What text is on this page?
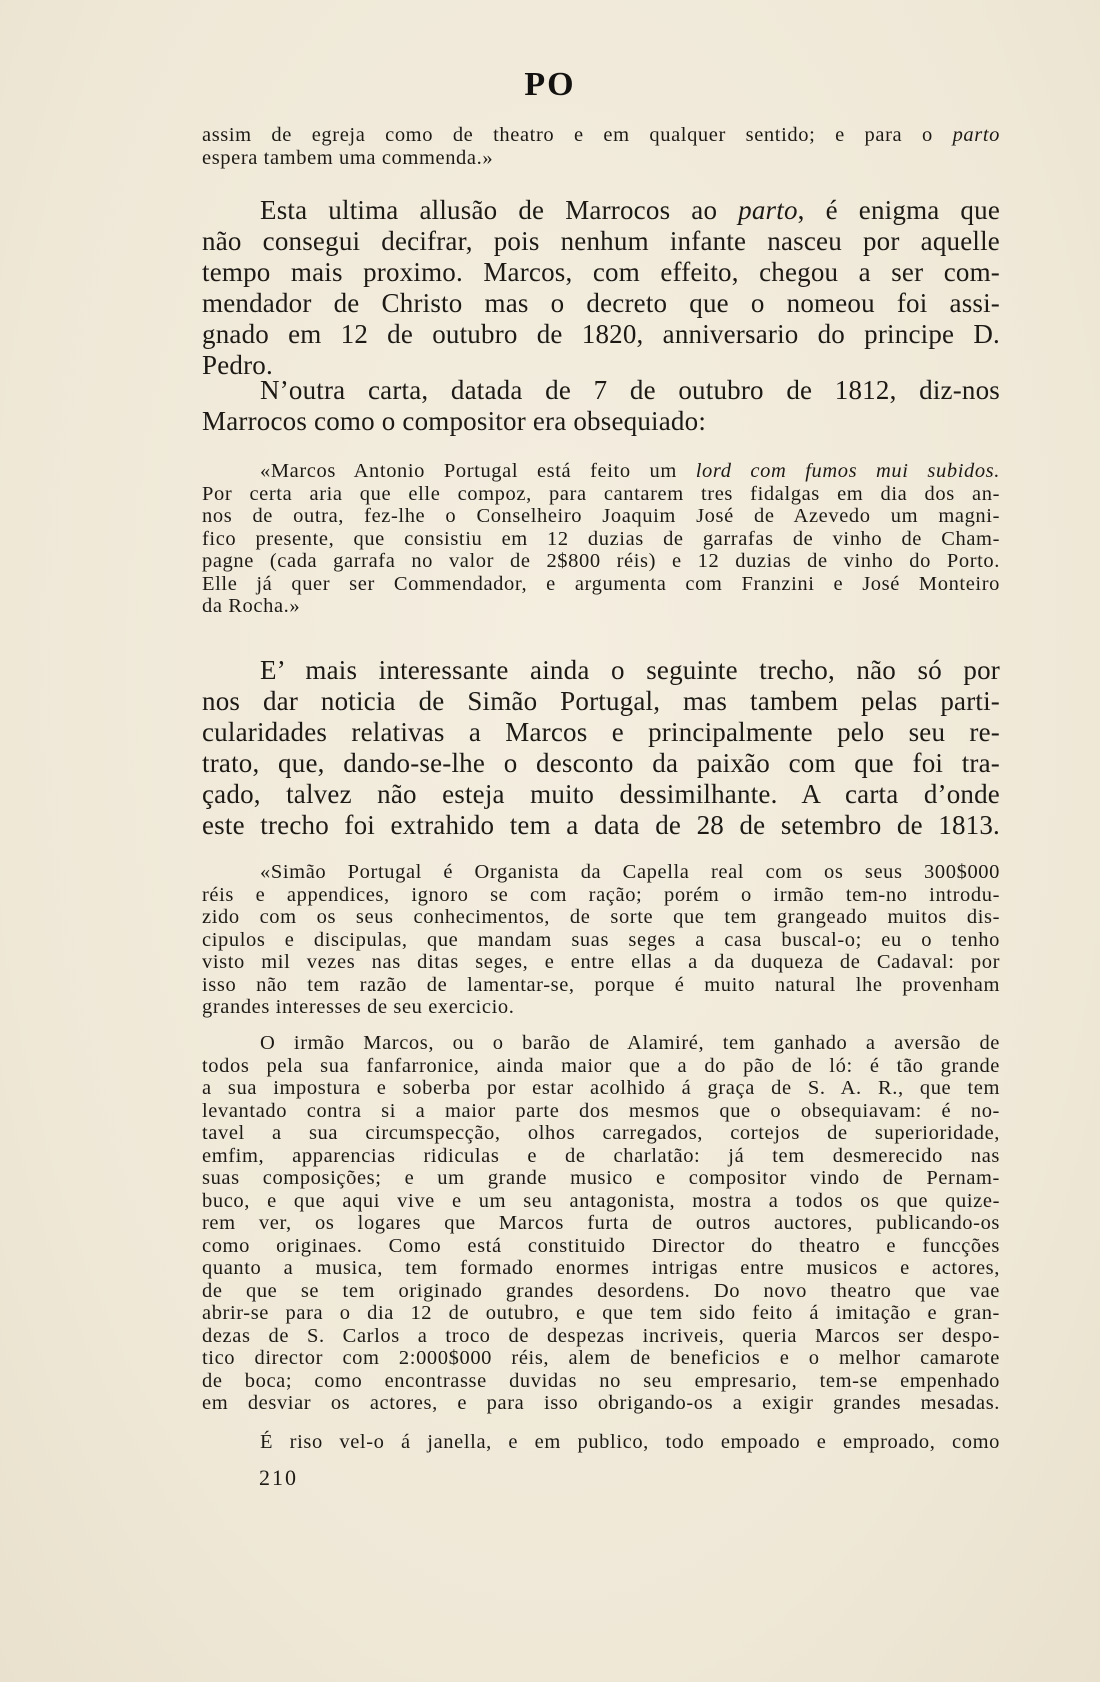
PO
assim de egreja como de theatro e em qualquer sentido; e para o parto
espera tambem uma commenda.»
Esta ultima allusão de Marrocos ao parto, é enigma que
não consegui decifrar, pois nenhum infante nasceu por aquelle
tempo mais proximo. Marcos, com effeito, chegou a ser com-
mendador de Christo mas o decreto que o nomeou foi assi-
gnado em 12 de outubro de 1820, anniversario do principe D.
Pedro.
N’outra carta, datada de 7 de outubro de 1812, diz-nos
Marrocos como o compositor era obsequiado:
«Marcos Antonio Portugal está feito um lord com fumos mui subidos.
Por certa aria que elle compoz, para cantarem tres fidalgas em dia dos an-
nos de outra, fez-lhe o Conselheiro Joaquim José de Azevedo um magni-
fico presente, que consistiu em 12 duzias de garrafas de vinho de Cham-
pagne (cada garrafa no valor de 2$800 réis) e 12 duzias de vinho do Porto.
Elle já quer ser Commendador, e argumenta com Franzini e José Monteiro
da Rocha.»
E’ mais interessante ainda o seguinte trecho, não só por
nos dar noticia de Simão Portugal, mas tambem pelas parti-
cularidades relativas a Marcos e principalmente pelo seu re-
trato, que, dando-se-lhe o desconto da paixão com que foi tra-
çado, talvez não esteja muito dessimilhante. A carta d’onde
este trecho foi extrahido tem a data de 28 de setembro de 1813.
«Simão Portugal é Organista da Capella real com os seus 300$000
réis e appendices, ignoro se com ração; porém o irmão tem-no introdu-
zido com os seus conhecimentos, de sorte que tem grangeado muitos dis-
cipulos e discipulas, que mandam suas seges a casa buscal-o; eu o tenho
visto mil vezes nas ditas seges, e entre ellas a da duqueza de Cadaval: por
isso não tem razão de lamentar-se, porque é muito natural lhe provenham
grandes interesses de seu exercicio.
O irmão Marcos, ou o barão de Alamiré, tem ganhado a aversão de
todos pela sua fanfarronice, ainda maior que a do pão de ló: é tão grande
a sua impostura e soberba por estar acolhido á graça de S. A. R., que tem
levantado contra si a maior parte dos mesmos que o obsequiavam: é no-
tavel a sua circumspecção, olhos carregados, cortejos de superioridade,
emfim, apparencias ridiculas e de charlatão: já tem desmerecido nas
suas composições; e um grande musico e compositor vindo de Pernam-
buco, e que aqui vive e um seu antagonista, mostra a todos os que quize-
rem ver, os logares que Marcos furta de outros auctores, publicando-os
como originaes. Como está constituido Director do theatro e funcções
quanto a musica, tem formado enormes intrigas entre musicos e actores,
de que se tem originado grandes desordens. Do novo theatro que vae
abrir-se para o dia 12 de outubro, e que tem sido feito á imitação e gran-
dezas de S. Carlos a troco de despezas incriveis, queria Marcos ser despo-
tico director com 2:000$000 réis, alem de beneficios e o melhor camarote
de boca; como encontrasse duvidas no seu empresario, tem-se empenhado
em desviar os actores, e para isso obrigando-os a exigir grandes mesadas.
É riso vel-o á janella, e em publico, todo empoado e emproado, como
210
